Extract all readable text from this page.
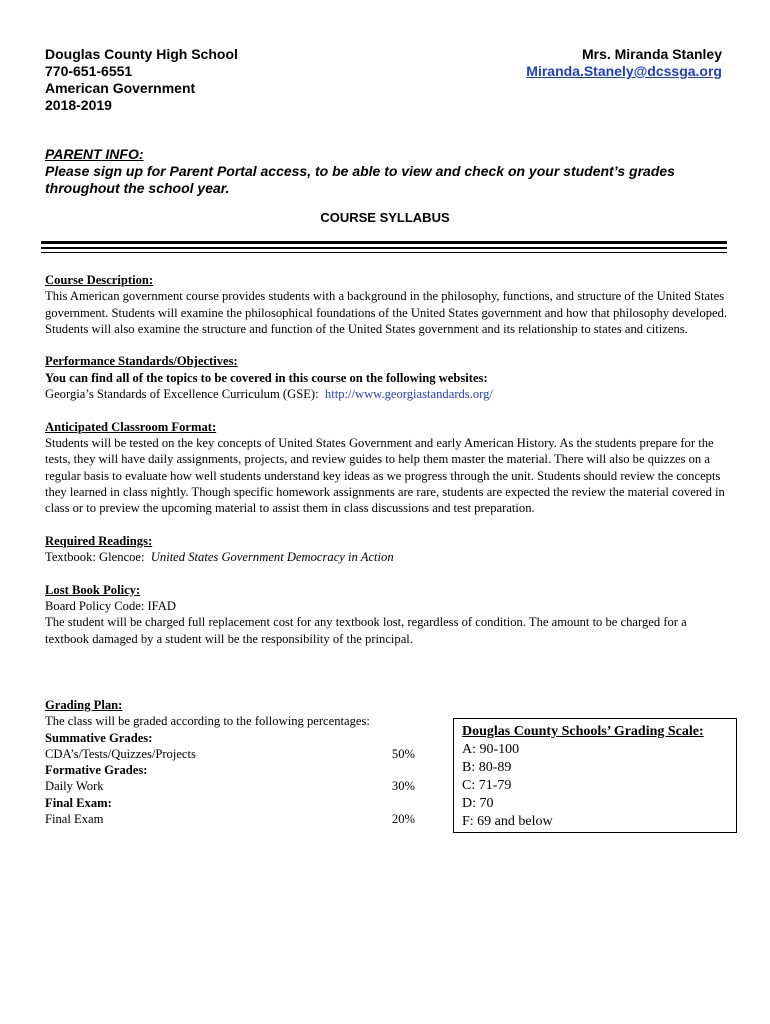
Douglas County High School
770-651-6551
American Government
2018-2019
Mrs. Miranda Stanley
Miranda.Stanely@dcssga.org
PARENT INFO:
Please sign up for Parent Portal access, to be able to view and check on your student’s grades throughout the school year.
COURSE SYLLABUS

Course Description:
This American government course provides students with a background in the philosophy, functions, and structure of the United States government. Students will examine the philosophical foundations of the United States government and how that philosophy developed. Students will also examine the structure and function of the United States government and its relationship to states and citizens.

Performance Standards/Objectives:
You can find all of the topics to be covered in this course on the following websites:
Georgia’s Standards of Excellence Curriculum (GSE): http://www.georgiastandards.org/

Anticipated Classroom Format:
Students will be tested on the key concepts of United States Government and early American History. As the students prepare for the tests, they will have daily assignments, projects, and review guides to help them master the material. There will also be quizzes on a regular basis to evaluate how well students understand key ideas as we progress through the unit. Students should review the concepts they learned in class nightly. Though specific homework assignments are rare, students are expected the review the material covered in class or to preview the upcoming material to assist them in class discussions and test preparation.

Required Readings:
Textbook: Glencoe: United States Government Democracy in Action

Lost Book Policy:
Board Policy Code: IFAD
The student will be charged full replacement cost for any textbook lost, regardless of condition. The amount to be charged for a textbook damaged by a student will be the responsibility of the principal.

Grading Plan:
The class will be graded according to the following percentages:
Summative Grades:
CDA’s/Tests/Quizzes/Projects	50%
Formative Grades:
Daily Work	30%
Final Exam:
Final Exam	20%
Douglas County Schools’ Grading Scale:
A: 90-100
B: 80-89
C: 71-79
D: 70
F: 69 and below
